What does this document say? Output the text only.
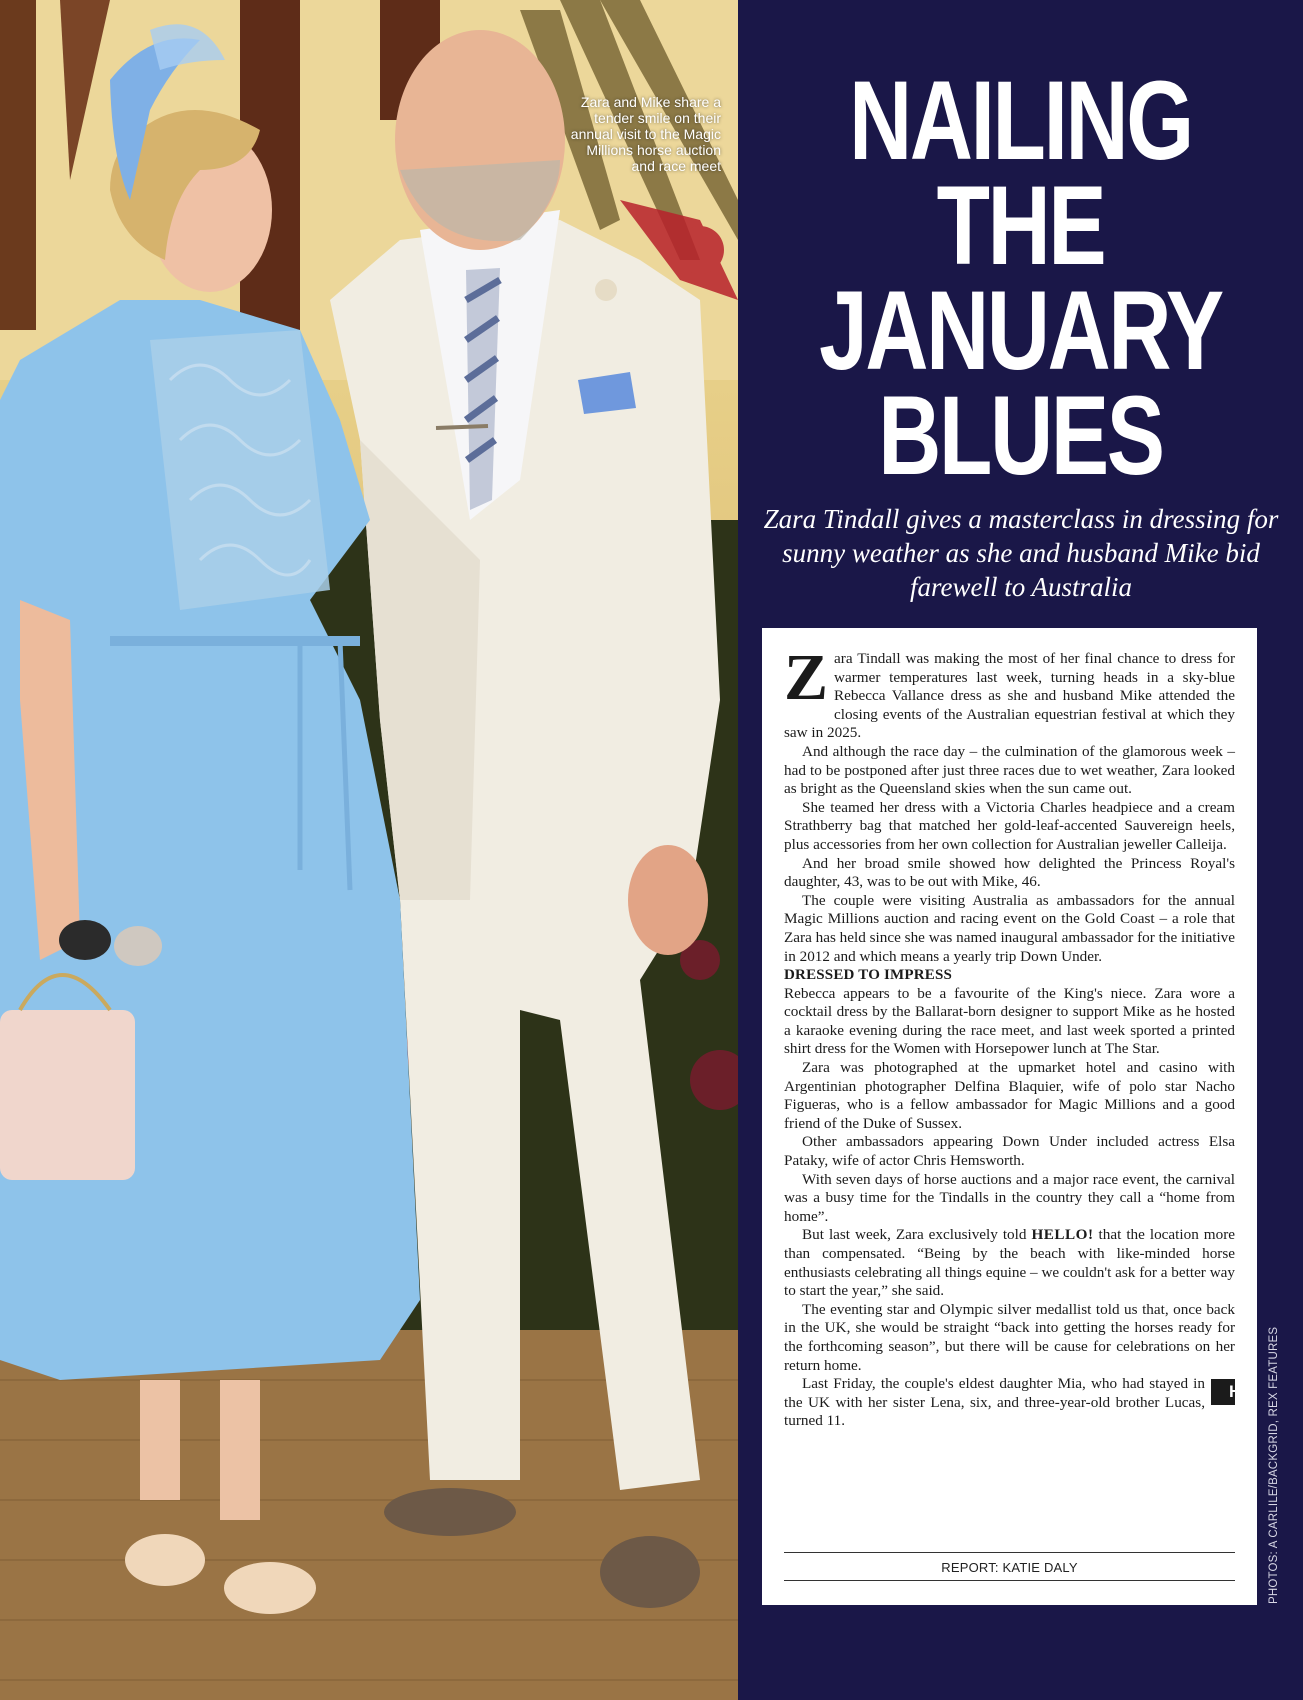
Zara and Mike share a tender smile on their annual visit to the Magic Millions horse auction and race meet	NAILING
THE
JANUARY
BLUES
Zara Tindall gives a masterclass in dressing for sunny weather as she and husband Mike bid farewell to Australia

Zara Tindall was making the most of her final chance to dress for warmer temperatures last week, turning heads in a sky-blue Rebecca Vallance dress as she and husband Mike attended the closing events of the Australian equestrian festival at which they saw in 2025.

And although the race day – the culmination of the glamorous week – had to be postponed after just three races due to wet weather, Zara looked as bright as the Queensland skies when the sun came out.

She teamed her dress with a Victoria Charles headpiece and a cream Strathberry bag that matched her gold-leaf-accented Sauvereign heels, plus accessories from her own collection for Australian jeweller Calleija.

And her broad smile showed how delighted the Princess Royal's daughter, 43, was to be out with Mike, 46.

The couple were visiting Australia as ambassadors for the annual Magic Millions auction and racing event on the Gold Coast – a role that Zara has held since she was named inaugural ambassador for the initiative in 2012 and which means a yearly trip Down Under.

DRESSED TO IMPRESS

Rebecca appears to be a favourite of the King's niece. Zara wore a cocktail dress by the Ballarat-born designer to support Mike as he hosted a karaoke evening during the race meet, and last week sported a printed shirt dress for the Women with Horsepower lunch at The Star.

Zara was photographed at the upmarket hotel and casino with Argentinian photographer Delfina Blaquier, wife of polo star Nacho Figueras, who is a fellow ambassador for Magic Millions and a good friend of the Duke of Sussex.

Other ambassadors appearing Down Under included actress Elsa Pataky, wife of actor Chris Hemsworth.

With seven days of horse auctions and a major race event, the carnival was a busy time for the Tindalls in the country they call a “home from home”.

But last week, Zara exclusively told HELLO! that the location more than compensated. “Being by the beach with like-minded horse enthusiasts celebrating all things equine – we couldn't ask for a better way to start the year,” she said.

The eventing star and Olympic silver medallist told us that, once back in the UK, she would be straight “back into getting the horses ready for the forthcoming season”, but there will be cause for celebrations on her return home.

H
Last Friday, the couple's eldest daughter Mia, who had stayed in the UK with her sister Lena, six, and three-year-old brother Lucas, turned 11.

REPORT: KATIE DALY	PHOTOS: A CARLILE/BACKGRID, REX FEATURES
